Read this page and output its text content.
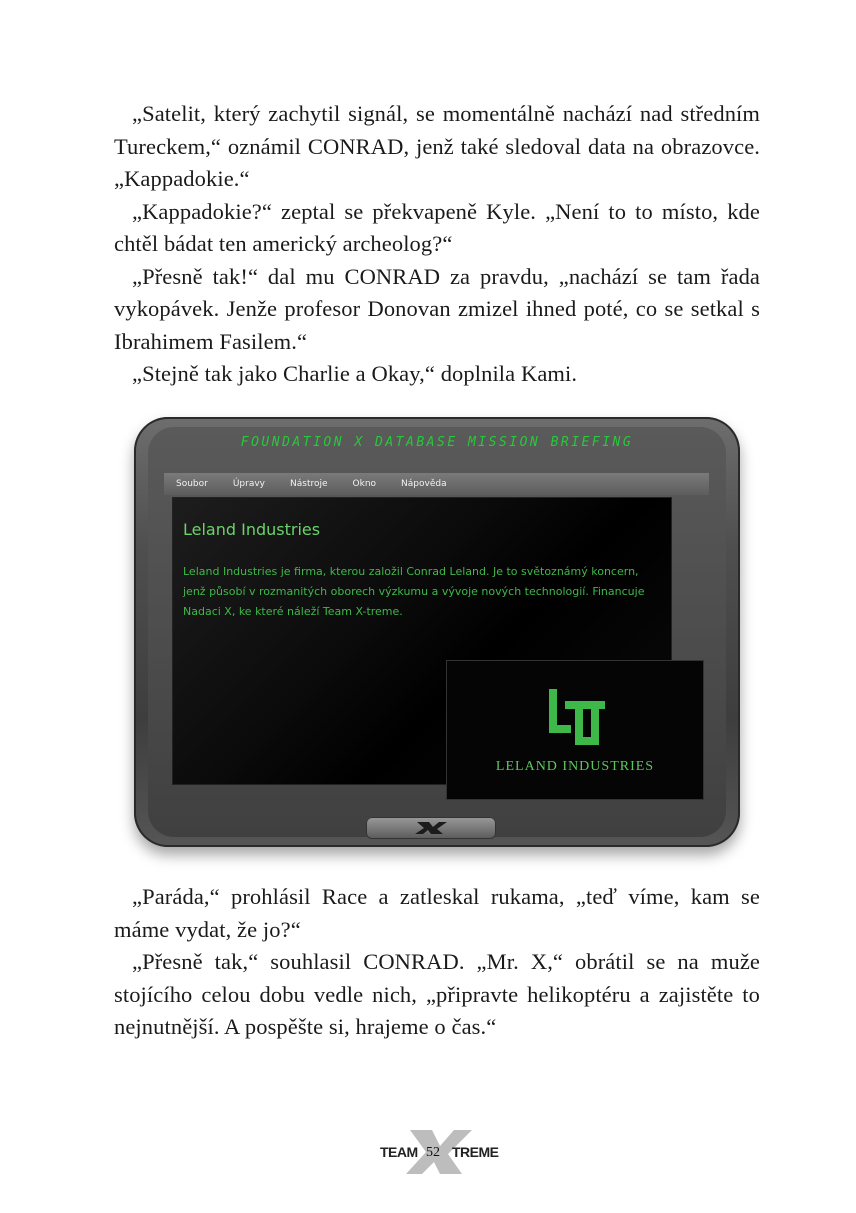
„Satelit, který zachytil signál, se momentálně nachází nad středním Tureckem,“ oznámil CONRAD, jenž také sledoval data na obrazovce. „Kappadokie.“

„Kappadokie?“ zeptal se překvapeně Kyle. „Není to to místo, kde chtěl bádat ten americký archeolog?“

„Přesně tak!“ dal mu CONRAD za pravdu, „nachází se tam řada vykopávek. Jenže profesor Donovan zmizel ihned poté, co se setkal s Ibrahimem Fasilem.“

„Stejně tak jako Charlie a Okay,“ doplnila Kami.

FOUNDATION X DATABASE MISSION BRIEFING
Soubor	Úpravy	Nástroje	Okno	Nápověda
Leland Industries

Leland Industries je firma, kterou založil Conrad Leland. Je to světoznámý koncern, jenž působí v rozmanitých oborech výzkumu a vývoje nových technologií. Financuje Nadaci X, ke které náleží Team X-treme.

LELAND INDUSTRIES

„Paráda,“ prohlásil Race a zatleskal rukama, „teď víme, kam se máme vydat, že jo?“

„Přesně tak,“ souhlasil CONRAD. „Mr. X,“ obrátil se na muže stojícího celou dobu vedle nich, „připravte helikoptéru a zajistěte to nejnutnější. A pospěšte si, hrajeme o čas.“

TEAM 52 TREME
